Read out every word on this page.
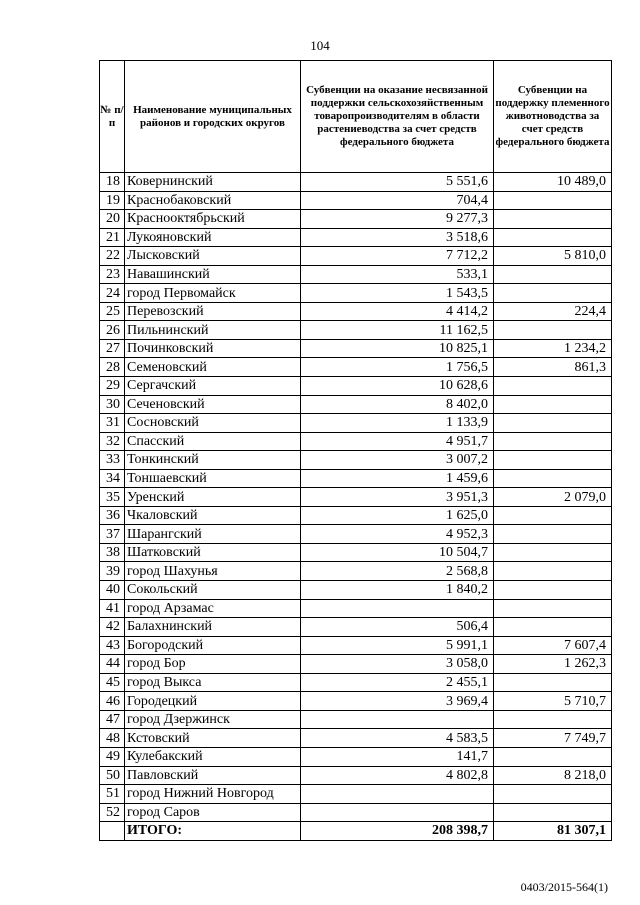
104
№ п/п	Наименование муниципальных районов и городских округов	Субвенции на оказание несвязанной поддержки сельскохозяйственным товаропроизводителям в области растениеводства за счет средств федерального бюджета	Субвенции на поддержку племенного животноводства за счет средств федерального бюджета
18	Ковернинский	5 551,6	10 489,0
19	Краснобаковский	704,4	
20	Краснооктябрьский	9 277,3	
21	Лукояновский	3 518,6	
22	Лысковский	7 712,2	5 810,0
23	Навашинский	533,1	
24	город Первомайск	1 543,5	
25	Перевозский	4 414,2	224,4
26	Пильнинский	11 162,5	
27	Починковский	10 825,1	1 234,2
28	Семеновский	1 756,5	861,3
29	Сергачский	10 628,6	
30	Сеченовский	8 402,0	
31	Сосновский	1 133,9	
32	Спасский	4 951,7	
33	Тонкинский	3 007,2	
34	Тоншаевский	1 459,6	
35	Уренский	3 951,3	2 079,0
36	Чкаловский	1 625,0	
37	Шарангский	4 952,3	
38	Шатковский	10 504,7	
39	город Шахунья	2 568,8	
40	Сокольский	1 840,2	
41	город Арзамас		
42	Балахнинский	506,4	
43	Богородский	5 991,1	7 607,4
44	город Бор	3 058,0	1 262,3
45	город Выкса	2 455,1	
46	Городецкий	3 969,4	5 710,7
47	город Дзержинск		
48	Кстовский	4 583,5	7 749,7
49	Кулебакский	141,7	
50	Павловский	4 802,8	8 218,0
51	город Нижний Новгород		
52	город Саров		
	ИТОГО:	208 398,7	81 307,1
0403/2015-564(1)
